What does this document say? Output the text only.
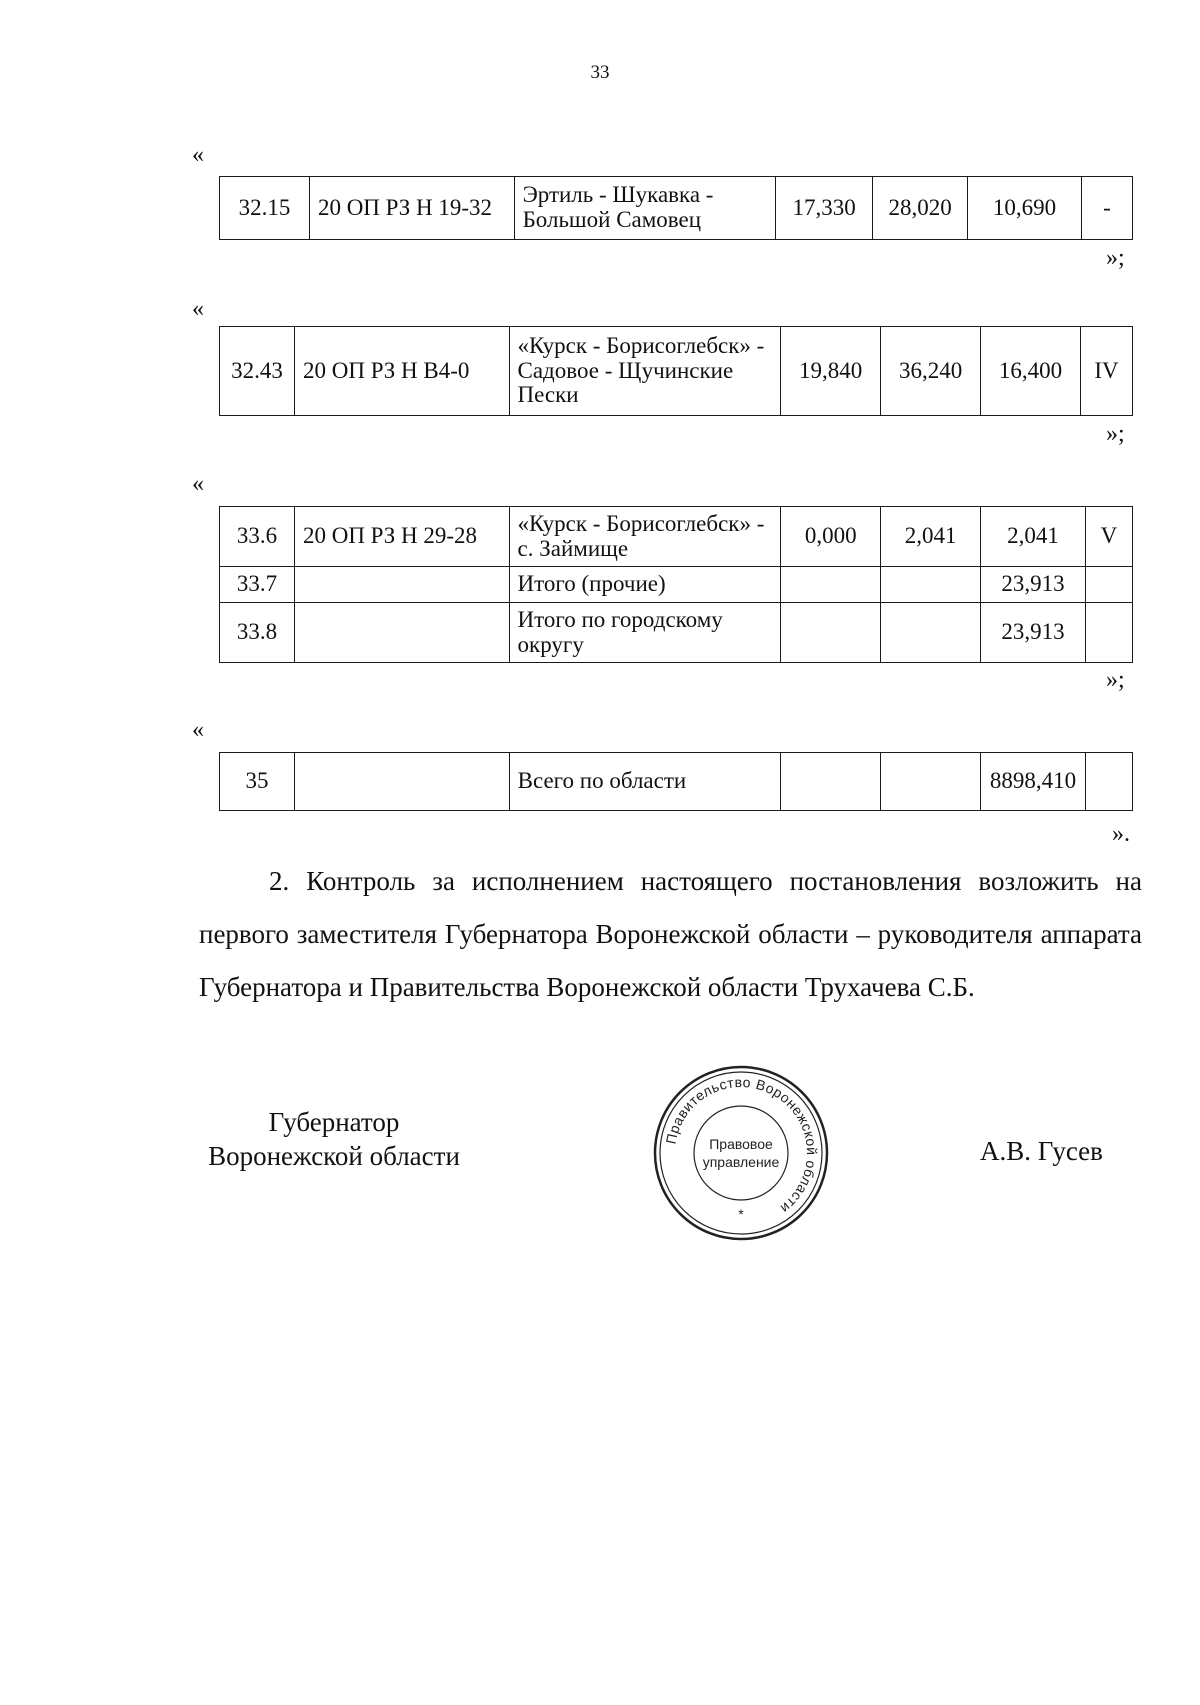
33
«
32.15	20 ОП РЗ Н 19-32	Эртиль - Шукавка - Большой Самовец	17,330	28,020	10,690	-
»;
«
32.43	20 ОП РЗ Н В4-0	«Курск - Борисоглебск» - Садовое - Щучинские Пески	19,840	36,240	16,400	IV
»;
«
33.6	20 ОП РЗ Н 29-28	«Курск - Борисоглебск» - с. Займище	0,000	2,041	2,041	V
33.7		Итого (прочие)			23,913	
33.8		Итого по городскому округу			23,913	
»;
«
35		Всего по области			8898,410	
».
2. Контроль за исполнением настоящего постановления возложить на первого заместителя Губернатора Воронежской области – руководителя аппарата Губернатора и Правительства Воронежской области Трухачева С.Б.
Губернатор
Воронежской области	А.В. Гусев
Правительство Воронежской области
Правовое
управление
*
